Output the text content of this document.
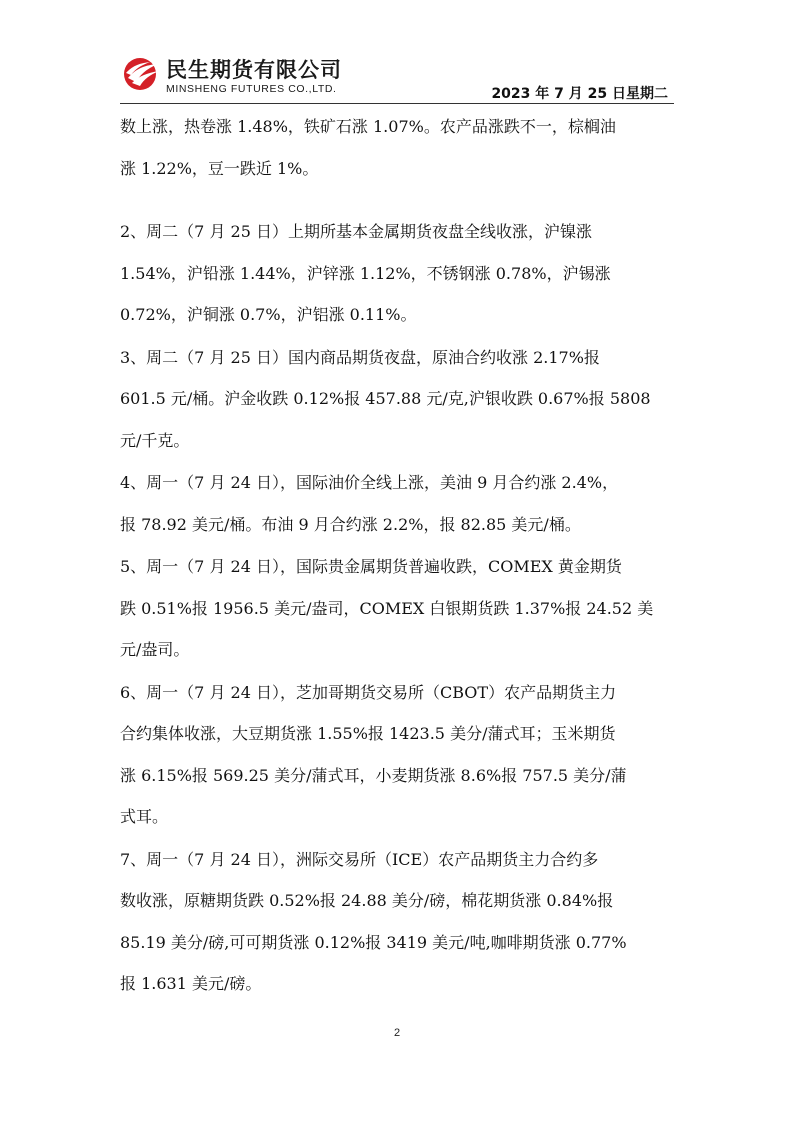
民生期货有限公司
MINSHENG FUTURES CO.,LTD.	2023 年 7 月 25 日星期二

数上涨，热卷涨 1.48%，铁矿石涨 1.07%。农产品涨跌不一，棕榈油

涨 1.22%，豆一跌近 1%。

2、周二（7 月 25 日）上期所基本金属期货夜盘全线收涨，沪镍涨

1.54%，沪铅涨 1.44%，沪锌涨 1.12%，不锈钢涨 0.78%，沪锡涨

0.72%，沪铜涨 0.7%，沪铝涨 0.11%。

3、周二（7 月 25 日）国内商品期货夜盘，原油合约收涨 2.17%报

601.5 元/桶。沪金收跌 0.12%报 457.88 元/克,沪银收跌 0.67%报 5808

元/千克。

4、周一（7 月 24 日），国际油价全线上涨，美油 9 月合约涨 2.4%，

报 78.92 美元/桶。布油 9 月合约涨 2.2%，报 82.85 美元/桶。

5、周一（7 月 24 日），国际贵金属期货普遍收跌，COMEX 黄金期货

跌 0.51%报 1956.5 美元/盎司，COMEX 白银期货跌 1.37%报 24.52 美

元/盎司。

6、周一（7 月 24 日），芝加哥期货交易所（CBOT）农产品期货主力

合约集体收涨，大豆期货涨 1.55%报 1423.5 美分/蒲式耳；玉米期货

涨 6.15%报 569.25 美分/蒲式耳，小麦期货涨 8.6%报 757.5 美分/蒲

式耳。

7、周一（7 月 24 日），洲际交易所（ICE）农产品期货主力合约多

数收涨，原糖期货跌 0.52%报 24.88 美分/磅，棉花期货涨 0.84%报

85.19 美分/磅,可可期货涨 0.12%报 3419 美元/吨,咖啡期货涨 0.77%

报 1.631 美元/磅。

2
